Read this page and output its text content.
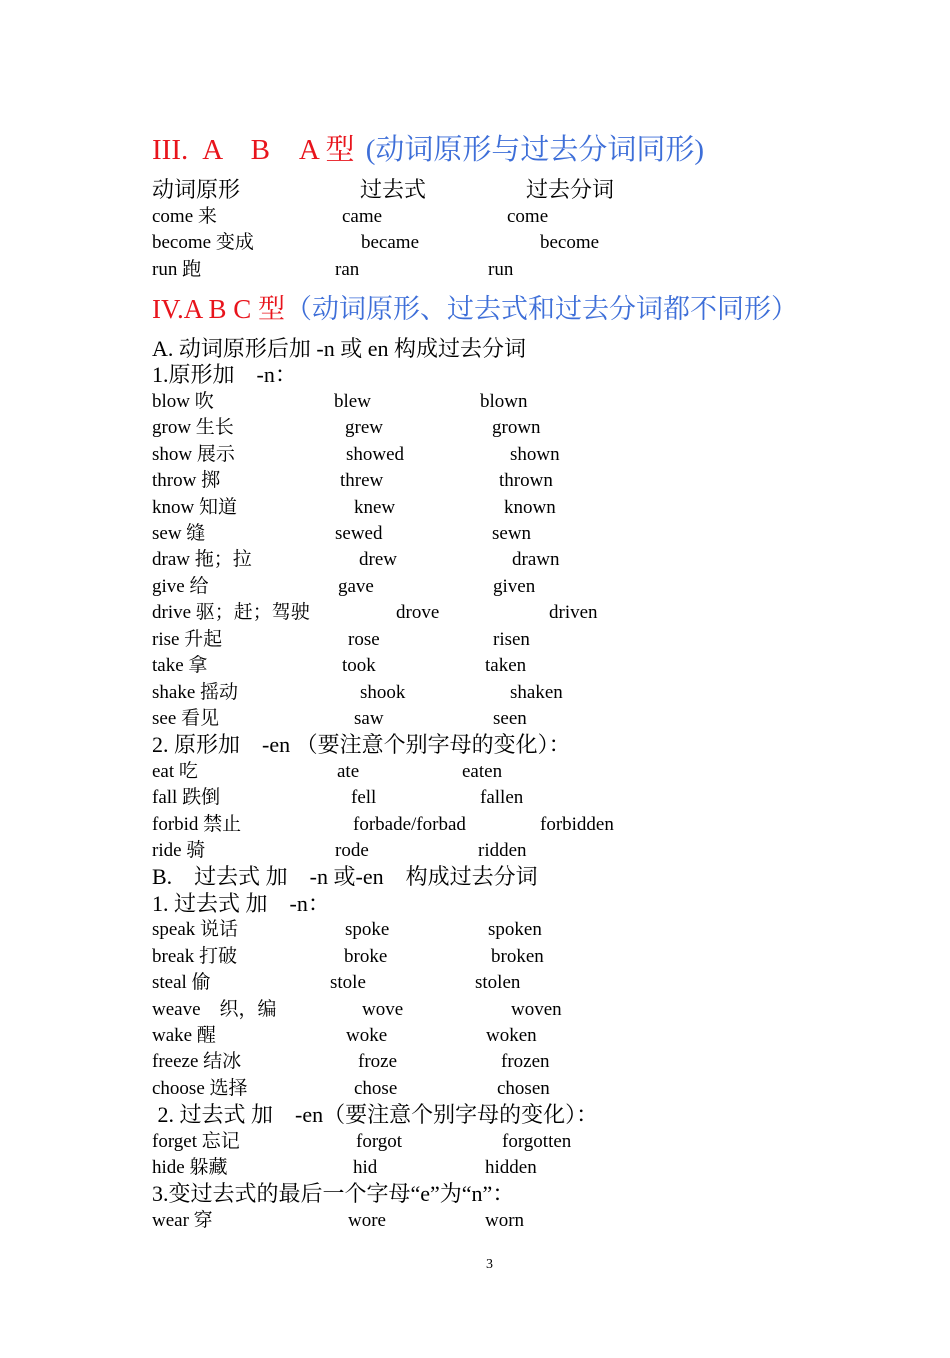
III. A　B　A 型 (动词原形与过去分词同形)
动词原形	过去式	过去分词
come 来	came	come
become 变成	became	become
run 跑	ran	run
IV.A B C 型（动词原形、过去式和过去分词都不同形）
A. 动词原形后加 -n 或 en 构成过去分词
1.原形加　-n：
blow 吹	blew	blown
grow 生长	grew	grown
show 展示	showed	shown
throw 掷	threw	thrown
know 知道	knew	known
sew 缝	sewed	sewn
draw 拖；拉	drew	drawn
give 给	gave	given
drive 驱；赶；驾驶	drove	driven
rise 升起	rose	risen
take 拿	took	taken
shake 摇动	shook	shaken
see 看见	saw	seen
2. 原形加　-en （要注意个别字母的变化）：
eat 吃	ate	eaten
fall 跌倒	fell	fallen
forbid 禁止	forbade/forbad	forbidden
ride 骑	rode	ridden
B.　过去式 加　-n 或-en　构成过去分词
1. 过去式 加　-n：
speak 说话	spoke	spoken
break 打破	broke	broken
steal 偷	stole	stolen
weave　织，编	wove	woven
wake 醒	woke	woken
freeze 结冰	froze	frozen
choose 选择	chose	chosen
2. 过去式 加　-en（要注意个别字母的变化）：
forget 忘记	forgot	forgotten
hide 躲藏	hid	hidden
3.变过去式的最后一个字母“e”为“n”：
wear 穿	wore	worn
3
